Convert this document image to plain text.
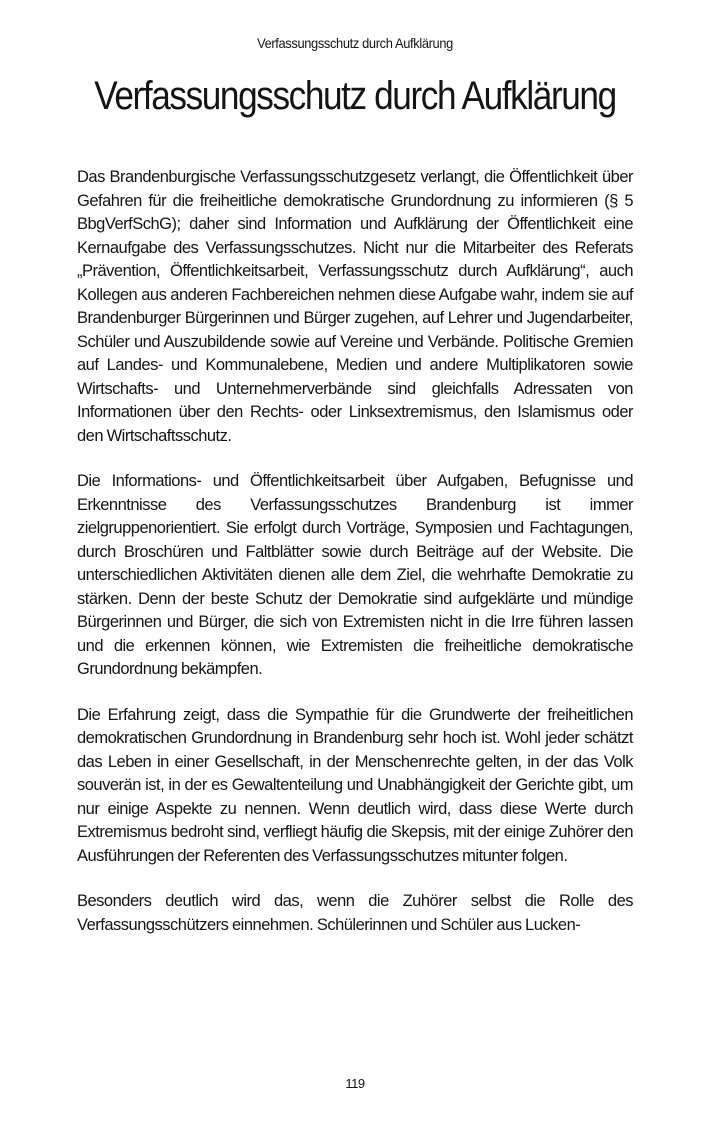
Verfassungsschutz durch Aufklärung
Verfassungsschutz durch Aufklärung

Das Brandenburgische Verfassungsschutzgesetz verlangt, die Öffentlichkeit über Gefahren für die freiheitliche demokratische Grundordnung zu informieren (§ 5 BbgVerfSchG); daher sind Information und Aufklärung der Öffentlichkeit eine Kernaufgabe des Verfassungsschutzes. Nicht nur die Mitarbeiter des Referats „Prävention, Öffentlichkeitsarbeit, Verfassungsschutz durch Aufklärung“, auch Kollegen aus anderen Fachbereichen nehmen diese Aufgabe wahr, indem sie auf Brandenburger Bürgerinnen und Bürger zugehen, auf Lehrer und Jugendarbeiter, Schüler und Auszubildende sowie auf Vereine und Verbände. Politische Gremien auf Landes- und Kommunalebene, Medien und andere Multiplikatoren sowie Wirtschafts- und Unternehmerverbände sind gleichfalls Adressaten von Informationen über den Rechts- oder Linksextremismus, den Islamismus oder den Wirtschaftsschutz.

Die Informations- und Öffentlichkeitsarbeit über Aufgaben, Befugnisse und Erkenntnisse des Verfassungsschutzes Brandenburg ist immer zielgruppenorientiert. Sie erfolgt durch Vorträge, Symposien und Fachtagungen, durch Broschüren und Faltblätter sowie durch Beiträge auf der Website. Die unterschiedlichen Aktivitäten dienen alle dem Ziel, die wehrhafte Demokratie zu stärken. Denn der beste Schutz der Demokratie sind aufgeklärte und mündige Bürgerinnen und Bürger, die sich von Extremisten nicht in die Irre führen lassen und die erkennen können, wie Extremisten die freiheitliche demokratische Grundordnung bekämpfen.

Die Erfahrung zeigt, dass die Sympathie für die Grundwerte der freiheitlichen demokratischen Grundordnung in Brandenburg sehr hoch ist. Wohl jeder schätzt das Leben in einer Gesellschaft, in der Menschenrechte gelten, in der das Volk souverän ist, in der es Gewaltenteilung und Unabhängigkeit der Gerichte gibt, um nur einige Aspekte zu nennen. Wenn deutlich wird, dass diese Werte durch Extremismus bedroht sind, verfliegt häufig die Skepsis, mit der einige Zuhörer den Ausführungen der Referenten des Verfassungsschutzes mitunter folgen.

Besonders deutlich wird das, wenn die Zuhörer selbst die Rolle des Verfassungsschützers einnehmen. Schülerinnen und Schüler aus Lucken-

119
